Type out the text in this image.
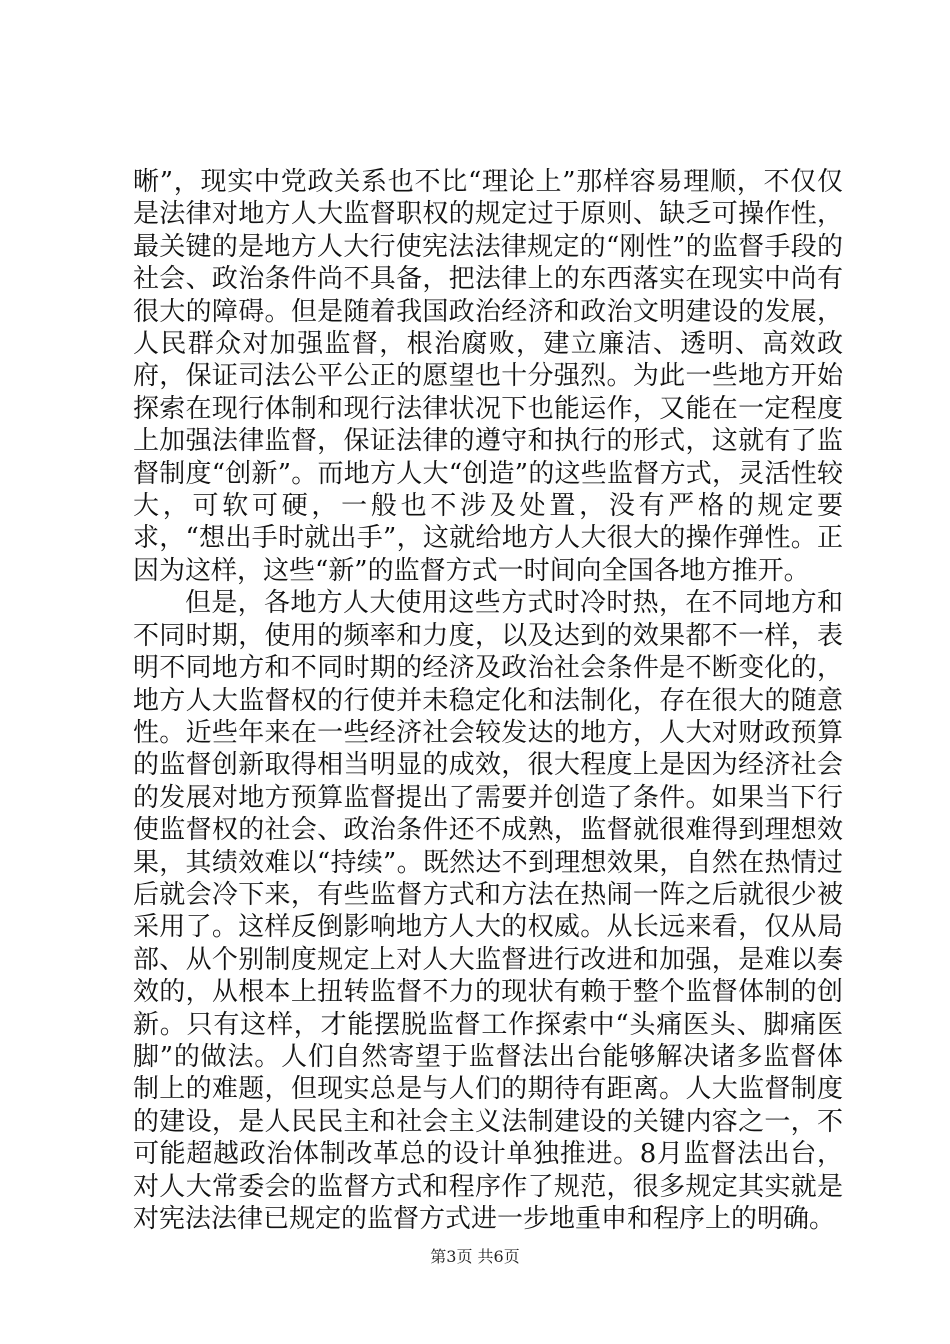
晰”，现实中党政关系也不比“理论上”那样容易理顺，不仅仅是法律对地方人大监督职权的规定过于原则、缺乏可操作性，最关键的是地方人大行使宪法法律规定的“刚性”的监督手段的社会、政治条件尚不具备，把法律上的东西落实在现实中尚有很大的障碍。但是随着我国政治经济和政治文明建设的发展，人民群众对加强监督，根治腐败，建立廉洁、透明、高效政府，保证司法公平公正的愿望也十分强烈。为此一些地方开始探索在现行体制和现行法律状况下也能运作，又能在一定程度上加强法律监督，保证法律的遵守和执行的形式，这就有了监督制度“创新”。而地方人大“创造”的这些监督方式，灵活性较大，可软可硬，一般也不涉及处置，没有严格的规定要求，“想出手时就出手”，这就给地方人大很大的操作弹性。正因为这样，这些“新”的监督方式一时间向全国各地方推开。

但是，各地方人大使用这些方式时冷时热，在不同地方和不同时期，使用的频率和力度，以及达到的效果都不一样，表明不同地方和不同时期的经济及政治社会条件是不断变化的，地方人大监督权的行使并未稳定化和法制化，存在很大的随意性。近些年来在一些经济社会较发达的地方，人大对财政预算的监督创新取得相当明显的成效，很大程度上是因为经济社会的发展对地方预算监督提出了需要并创造了条件。如果当下行使监督权的社会、政治条件还不成熟，监督就很难得到理想效果，其绩效难以“持续”。既然达不到理想效果，自然在热情过后就会冷下来，有些监督方式和方法在热闹一阵之后就很少被采用了。这样反倒影响地方人大的权威。从长远来看，仅从局部、从个别制度规定上对人大监督进行改进和加强，是难以奏效的，从根本上扭转监督不力的现状有赖于整个监督体制的创新。只有这样，才能摆脱监督工作探索中“头痛医头、脚痛医脚”的做法。人们自然寄望于监督法出台能够解决诸多监督体制上的难题，但现实总是与人们的期待有距离。人大监督制度的建设，是人民民主和社会主义法制建设的关键内容之一，不可能超越政治体制改革总的设计单独推进。8月监督法出台，对人大常委会的监督方式和程序作了规范，很多规定其实就是对宪法法律已规定的监督方式进一步地重申和程序上的明确。

第3页 共6页
